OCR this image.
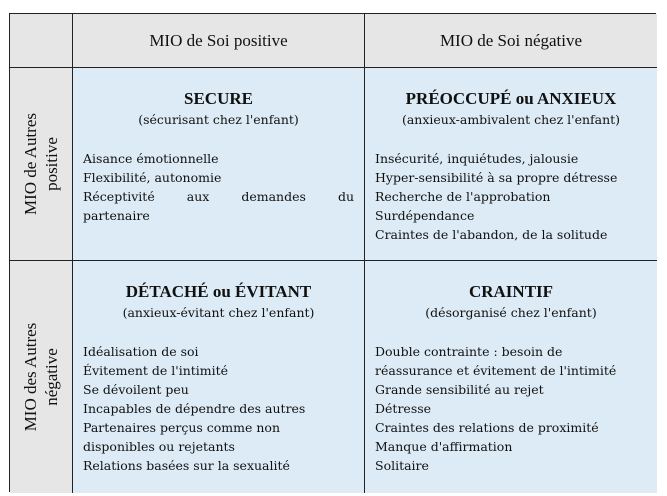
MIO de Soi positive	MIO de Soi négative
MIO de Autres positive
SECURE
(sécurisant chez l'enfant)
Aisance émotionnelle
Flexibilité, autonomie
Réceptivité aux demandes du
partenaire
PRÉOCCUPÉ ou ANXIEUX
(anxieux-ambivalent chez l'enfant)
Insécurité, inquiétudes, jalousie
Hyper-sensibilité à sa propre détresse
Recherche de l'approbation
Surdépendance
Craintes de l'abandon, de la solitude
MIO des Autres négative
DÉTACHÉ ou ÉVITANT
(anxieux-évitant chez l'enfant)
Idéalisation de soi
Évitement de l'intimité
Se dévoilent peu
Incapables de dépendre des autres
Partenaires perçus comme non
disponibles ou rejetants
Relations basées sur la sexualité
CRAINTIF
(désorganisé chez l'enfant)
Double contrainte : besoin de
réassurance et évitement de l'intimité
Grande sensibilité au rejet
Détresse
Craintes des relations de proximité
Manque d'affirmation
Solitaire
